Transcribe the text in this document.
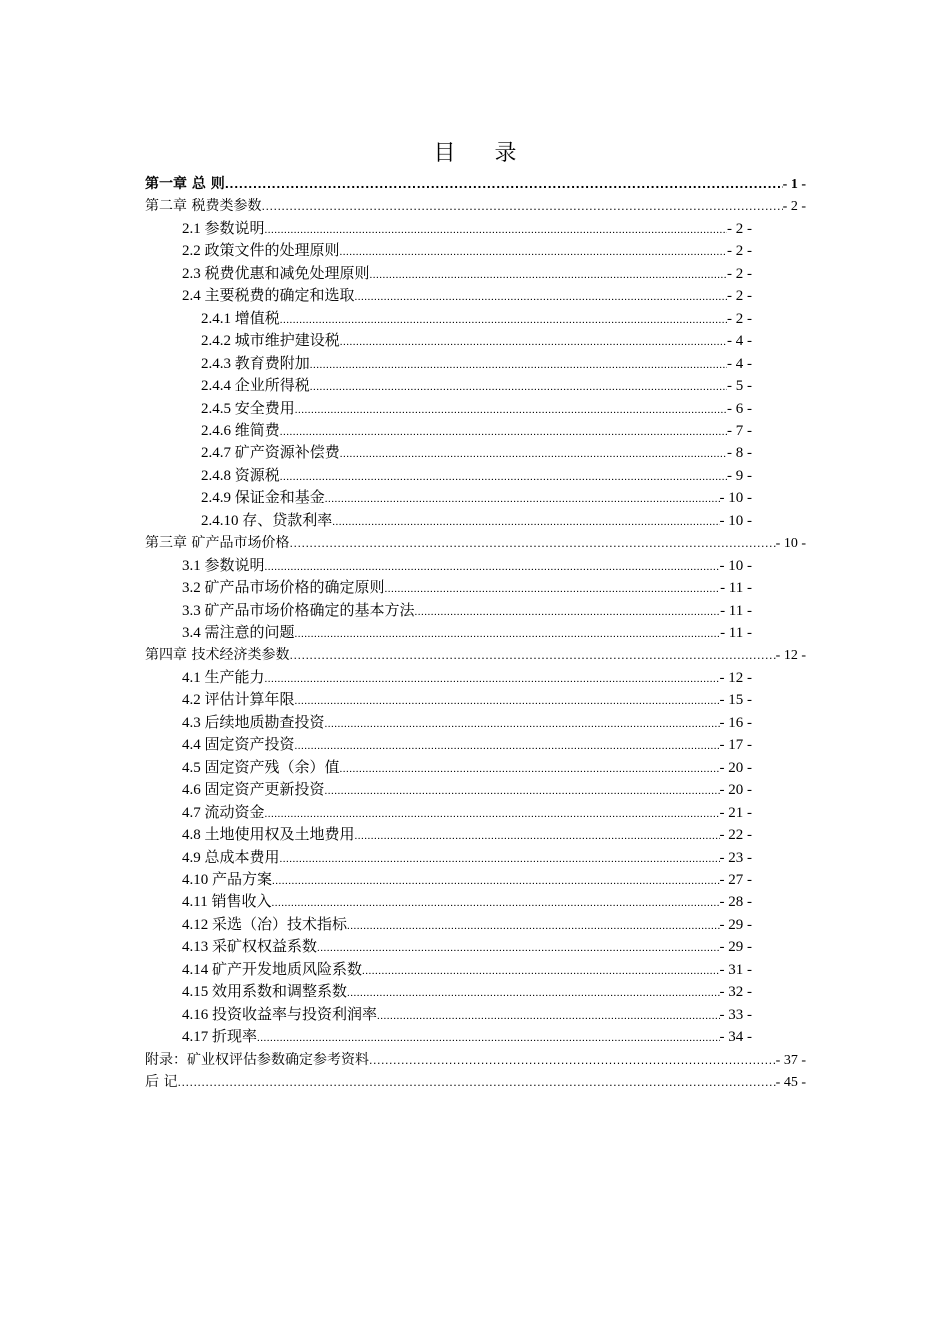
目 录
第一章 总 则 .....	- 1 -
第二章 税费类参数 .....	- 2 -
2.1 参数说明 .....	- 2 -
2.2 政策文件的处理原则 .....	- 2 -
2.3 税费优惠和减免处理原则 .....	- 2 -
2.4 主要税费的确定和选取 .....	- 2 -
2.4.1 增值税 .....	- 2 -
2.4.2 城市维护建设税 .....	- 4 -
2.4.3 教育费附加 .....	- 4 -
2.4.4 企业所得税 .....	- 5 -
2.4.5 安全费用 .....	- 6 -
2.4.6 维简费 .....	- 7 -
2.4.7 矿产资源补偿费 .....	- 8 -
2.4.8 资源税 .....	- 9 -
2.4.9 保证金和基金 .....	- 10 -
2.4.10 存、贷款利率 .....	- 10 -
第三章 矿产品市场价格 .....	- 10 -
3.1 参数说明 .....	- 10 -
3.2 矿产品市场价格的确定原则 .....	- 11 -
3.3 矿产品市场价格确定的基本方法 .....	- 11 -
3.4 需注意的问题 .....	- 11 -
第四章 技术经济类参数 .....	- 12 -
4.1 生产能力 .....	- 12 -
4.2 评估计算年限 .....	- 15 -
4.3 后续地质勘查投资 .....	- 16 -
4.4 固定资产投资 .....	- 17 -
4.5 固定资产残（余）值 .....	- 20 -
4.6 固定资产更新投资 .....	- 20 -
4.7 流动资金 .....	- 21 -
4.8 土地使用权及土地费用 .....	- 22 -
4.9 总成本费用 .....	- 23 -
4.10 产品方案 .....	- 27 -
4.11 销售收入 .....	- 28 -
4.12 采选（冶）技术指标 .....	- 29 -
4.13 采矿权权益系数 .....	- 29 -
4.14 矿产开发地质风险系数 .....	- 31 -
4.15 效用系数和调整系数 .....	- 32 -
4.16 投资收益率与投资利润率 .....	- 33 -
4.17 折现率 .....	- 34 -
附录：矿业权评估参数确定参考资料 .....	- 37 -
后 记 .....	- 45 -
